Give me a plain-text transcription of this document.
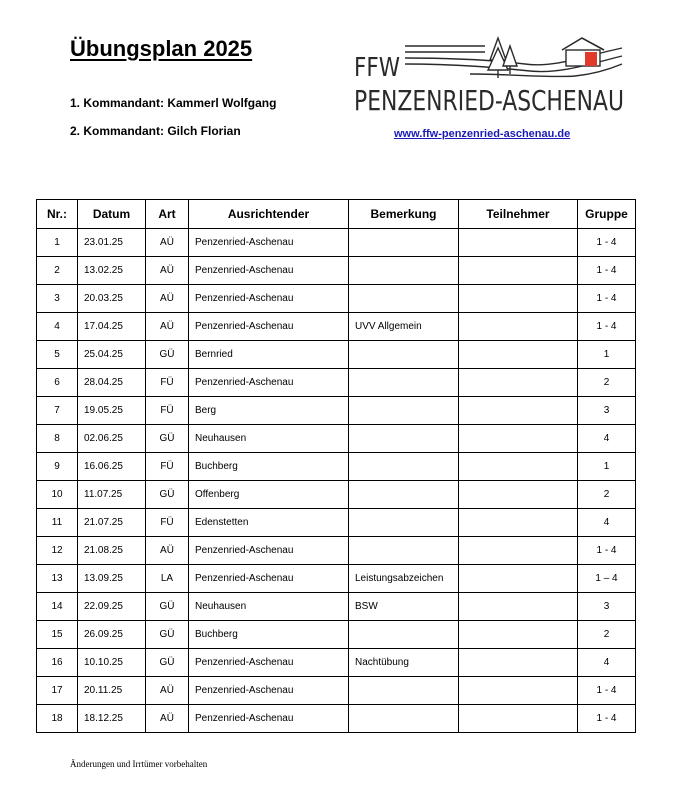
Übungsplan 2025
1. Kommandant: Kammerl Wolfgang
2. Kommandant: Gilch Florian
FFW
PENZENRIED-ASCHENAU
www.ffw-penzenried-aschenau.de
Nr.:	Datum	Art	Ausrichtender	Bemerkung	Teilnehmer	Gruppe
1	23.01.25	AÜ	Penzenried-Aschenau			1 - 4
2	13.02.25	AÜ	Penzenried-Aschenau			1 - 4
3	20.03.25	AÜ	Penzenried-Aschenau			1 - 4
4	17.04.25	AÜ	Penzenried-Aschenau	UVV Allgemein		1 - 4
5	25.04.25	GÜ	Bernried			1
6	28.04.25	FÜ	Penzenried-Aschenau			2
7	19.05.25	FÜ	Berg			3
8	02.06.25	GÜ	Neuhausen			4
9	16.06.25	FÜ	Buchberg			1
10	11.07.25	GÜ	Offenberg			2
11	21.07.25	FÜ	Edenstetten			4
12	21.08.25	AÜ	Penzenried-Aschenau			1 - 4
13	13.09.25	LA	Penzenried-Aschenau	Leistungsabzeichen		1 – 4
14	22.09.25	GÜ	Neuhausen	BSW		3
15	26.09.25	GÜ	Buchberg			2
16	10.10.25	GÜ	Penzenried-Aschenau	Nachtübung		4
17	20.11.25	AÜ	Penzenried-Aschenau			1 - 4
18	18.12.25	AÜ	Penzenried-Aschenau			1 - 4
Änderungen und Irrtümer vorbehalten
